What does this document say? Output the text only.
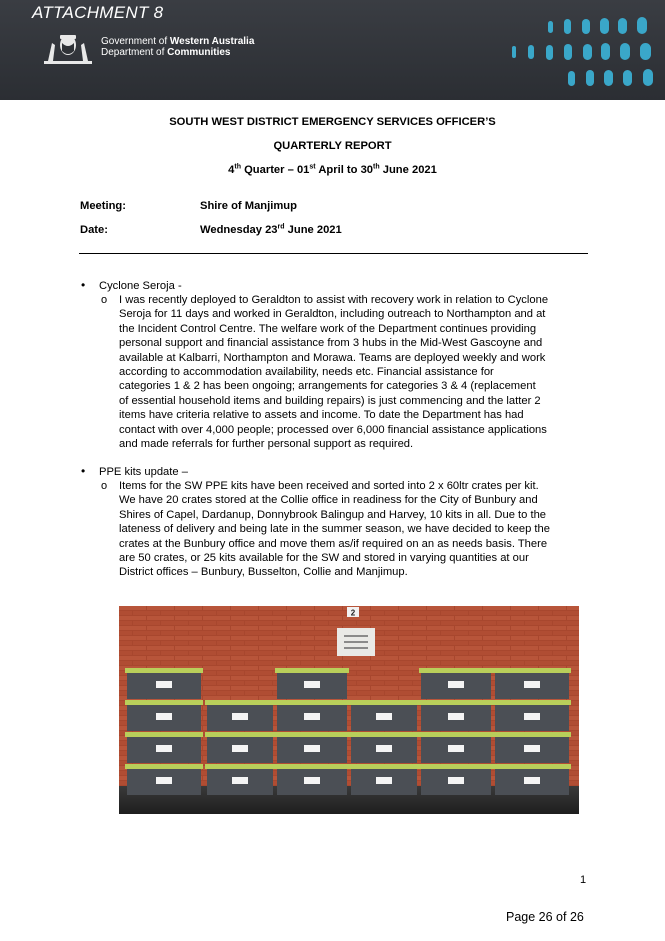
ATTACHMENT 8
Government of Western Australia
Department of Communities
SOUTH WEST DISTRICT EMERGENCY SERVICES OFFICER’S
QUARTERLY REPORT
4th Quarter – 01st April to 30th June 2021
Meeting:	Shire of Manjimup
Date:	Wednesday 23rd June 2021
• Cyclone Seroja -
o I was recently deployed to Geraldton to assist with recovery work in relation to Cyclone
Seroja for 11 days and worked in Geraldton, including outreach to Northampton and at
the Incident Control Centre. The welfare work of the Department continues providing
personal support and financial assistance from 3 hubs in the Mid-West Gascoyne and
available at Kalbarri, Northampton and Morawa. Teams are deployed weekly and work
according to accommodation availability, needs etc. Financial assistance for
categories 1 & 2 has been ongoing; arrangements for categories 3 & 4 (replacement
of essential household items and building repairs) is just commencing and the latter 2
items have criteria relative to assets and income. To date the Department has had
contact with over 4,000 people; processed over 6,000 financial assistance applications
and made referrals for further personal support as required.
• PPE kits update –
o Items for the SW PPE kits have been received and sorted into 2 x 60ltr crates per kit.
We have 20 crates stored at the Collie office in readiness for the City of Bunbury and
Shires of Capel, Dardanup, Donnybrook Balingup and Harvey, 10 kits in all. Due to the
lateness of delivery and being late in the summer season, we have decided to keep the
crates at the Bunbury office and move them as/if required on an as needs basis. There
are 50 crates, or 25 kits available for the SW and stored in varying quantities at our
District offices – Bunbury, Busselton, Collie and Manjimup.
2
1
Page 26 of 26
